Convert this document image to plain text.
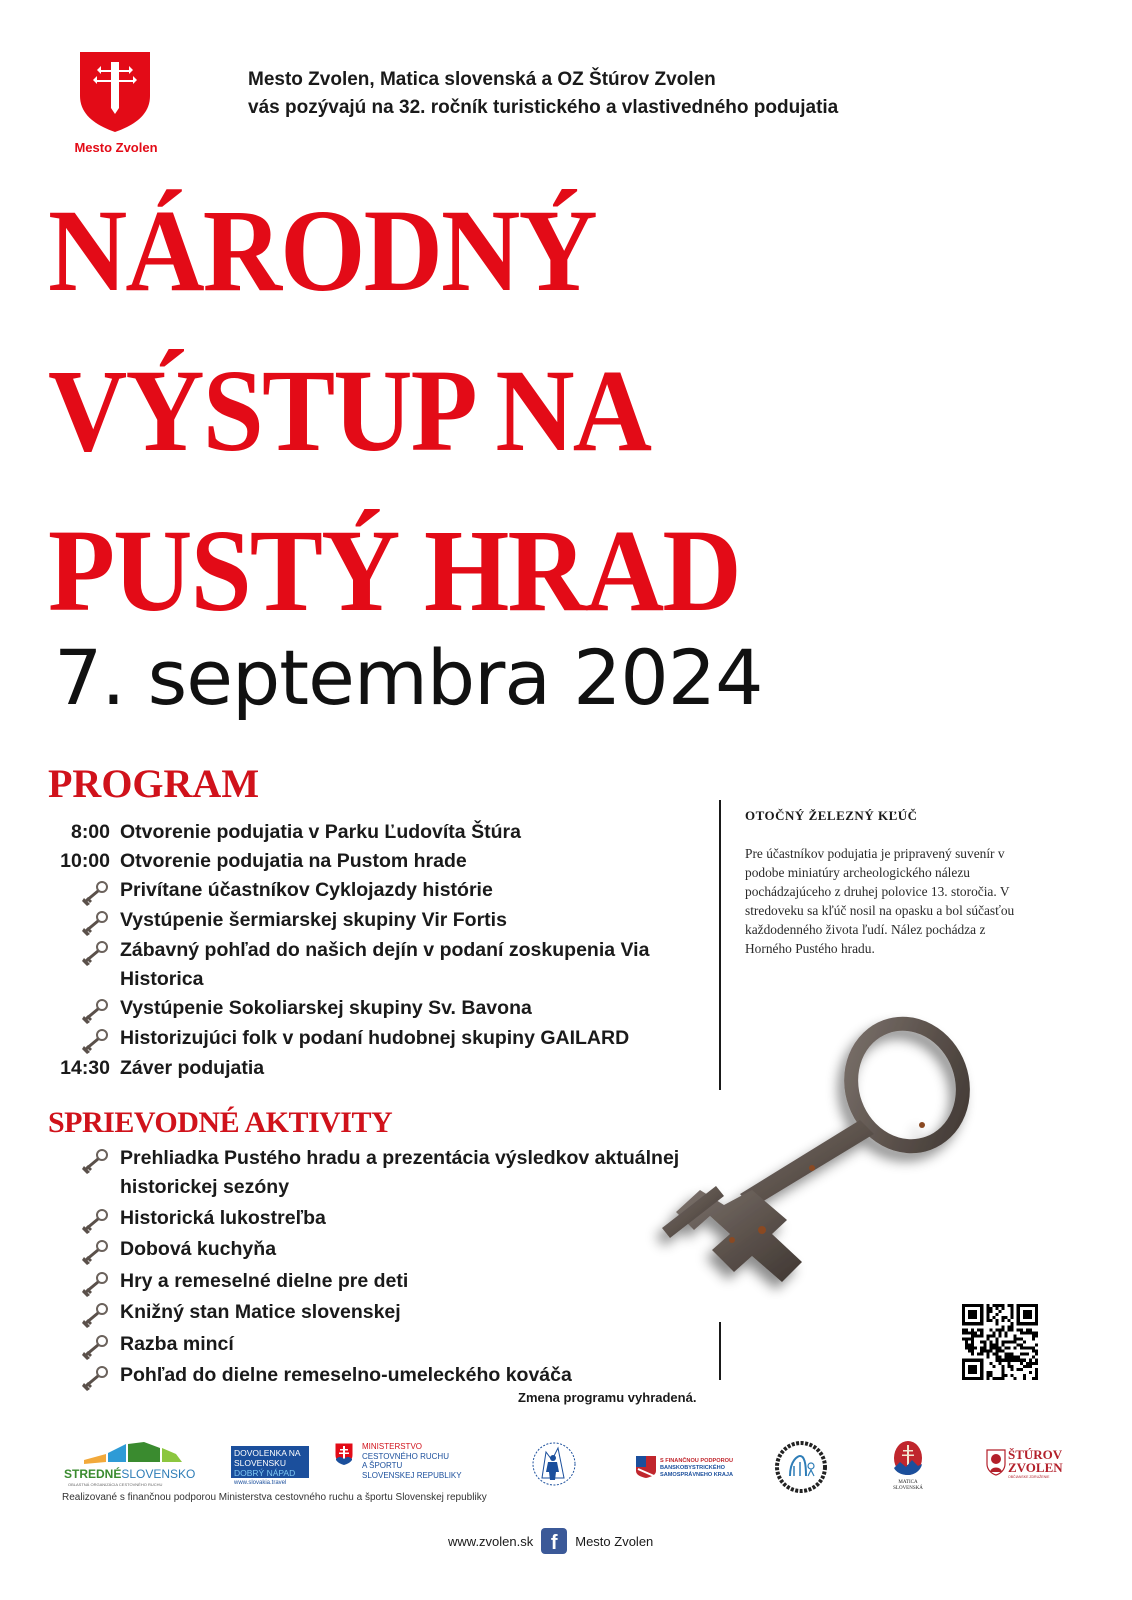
Mesto Zvolen
Mesto Zvolen, Matica slovenská a OZ Štúrov Zvolen
vás pozývajú na 32. ročník turistického a vlastivedného podujatia
NÁRODNÝ
VÝSTUP NA
PUSTÝ HRAD
7. septembra 2024
PROGRAM
8:00 Otvorenie podujatia v Parku Ľudovíta Štúra
10:00 Otvorenie podujatia na Pustom hrade
Privítane účastníkov Cyklojazdy histórie
Vystúpenie šermiarskej skupiny Vir Fortis
Zábavný pohľad do našich dejín v podaní zoskupenia Via Historica
Vystúpenie Sokoliarskej skupiny Sv. Bavona
Historizujúci folk v podaní hudobnej skupiny GAILARD
14:30 Záver podujatia
SPRIEVODNÉ AKTIVITY
Prehliadka Pustého hradu a prezentácia výsledkov aktuálnej historickej sezóny
Historická lukostreľba
Dobová kuchyňa
Hry a remeselné dielne pre deti
Knižný stan Matice slovenskej
Razba mincí
Pohľad do dielne remeselno-umeleckého kováča
OTOČNÝ ŽELEZNÝ KĽÚČ
Pre účastníkov podujatia je pripravený suvenír v podobe miniatúry archeologického nálezu pochádzajúceho z druhej polovice 13. storočia. V stredoveku sa kľúč nosil na opasku a bol súčasťou každodenného života ľudí. Nález pochádza z Horného Pustého hradu.
Zmena programu vyhradená.
STREDNÉSLOVENSKO
OBLASTNÁ ORGANIZÁCIA CESTOVNÉHO RUCHU
DOVOLENKA NA
SLOVENSKU
DOBRÝ NÁPAD
www.slovakia.travel
MINISTERSTVO
CESTOVNÉHO RUCHU
A ŠPORTU
SLOVENSKEJ REPUBLIKY
Realizované s finančnou podporou Ministerstva cestovného ruchu a športu Slovenskej republiky
S FINANČNOU PODPOROU
BANSKOBYSTRICKÉHO
SAMOSPRÁVNEHO KRAJA
MATICA
SLOVENSKÁ
ŠTÚROV
ZVOLEN
OBČIANSKE ZDRUŽENIE
www.zvolen.sk f	Mesto Zvolen
